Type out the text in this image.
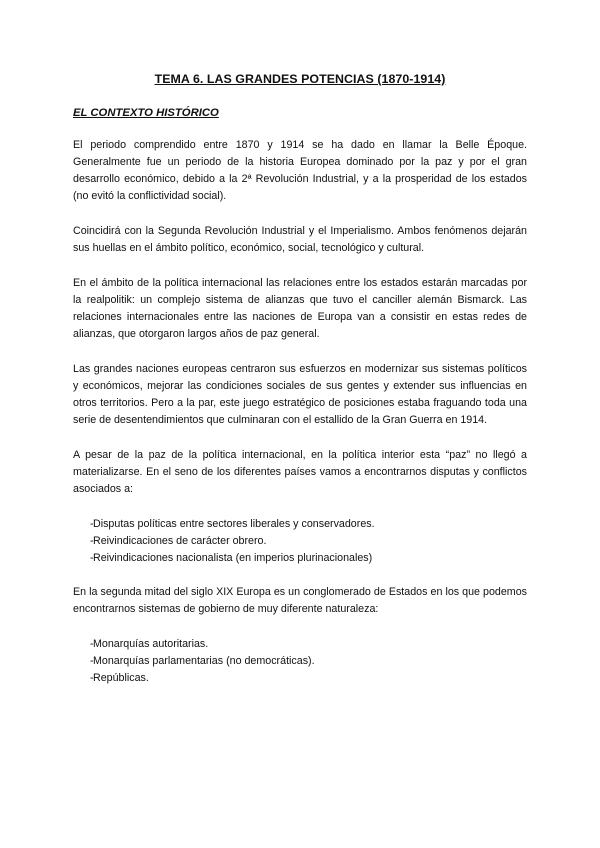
TEMA 6. LAS GRANDES POTENCIAS (1870-1914)
EL CONTEXTO HISTÓRICO

El periodo comprendido entre 1870 y 1914 se ha dado en llamar la Belle Époque. Generalmente fue un periodo de la historia Europea dominado por la paz y por el gran desarrollo económico, debido a la 2ª Revolución Industrial, y a la prosperidad de los estados (no evitó la conflictividad social).

Coincidirá con la Segunda Revolución Industrial y el Imperialismo. Ambos fenómenos dejarán sus huellas en el ámbito político, económico, social, tecnológico y cultural.

En el ámbito de la política internacional las relaciones entre los estados estarán marcadas por la realpolitik: un complejo sistema de alianzas que tuvo el canciller alemán Bismarck. Las relaciones internacionales entre las naciones de Europa van a consistir en estas redes de alianzas, que otorgaron largos años de paz general.

Las grandes naciones europeas centraron sus esfuerzos en modernizar sus sistemas políticos y económicos, mejorar las condiciones sociales de sus gentes y extender sus influencias en otros territorios. Pero a la par, este juego estratégico de posiciones estaba fraguando toda una serie de desentendimientos que culminaran con el estallido de la Gran Guerra en 1914.

A pesar de la paz de la política internacional, en la política interior esta “paz” no llegó a materializarse. En el seno de los diferentes países vamos a encontrarnos disputas y conflictos asociados a:

- Disputas políticas entre sectores liberales y conservadores.
- Reivindicaciones de carácter obrero.
- Reivindicaciones nacionalista (en imperios plurinacionales)

En la segunda mitad del siglo XIX Europa es un conglomerado de Estados en los que podemos encontrarnos sistemas de gobierno de muy diferente naturaleza:

- Monarquías autoritarias.
- Monarquías parlamentarias (no democráticas).
- Repúblicas.
